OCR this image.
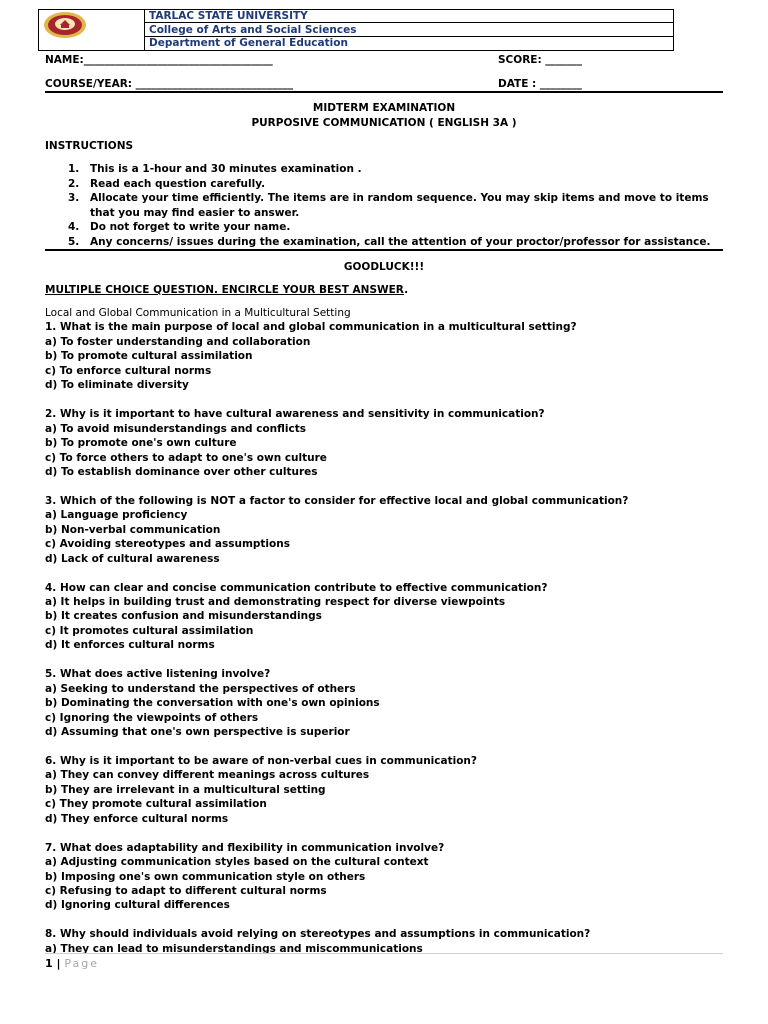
TARLAC STATE UNIVERSITY
College of Arts and Social Sciences
Department of General Education
NAME:____________________________________	SCORE: _______
COURSE/YEAR: ______________________________	DATE : ________
MIDTERM EXAMINATION
PURPOSIVE COMMUNICATION ( ENGLISH 3A )
INSTRUCTIONS
1. This is a 1-hour and 30 minutes examination .
2. Read each question carefully.
3. Allocate your time efficiently. The items are in random sequence. You may skip items and move to items that you may find easier to answer.
4. Do not forget to write your name.
5. Any concerns/ issues during the examination, call the attention of your proctor/professor for assistance.
GOODLUCK!!!
MULTIPLE CHOICE QUESTION. ENCIRCLE YOUR BEST ANSWER.
Local and Global Communication in a Multicultural Setting
1. What is the main purpose of local and global communication in a multicultural setting?
a) To foster understanding and collaboration
b) To promote cultural assimilation
c) To enforce cultural norms
d) To eliminate diversity
2. Why is it important to have cultural awareness and sensitivity in communication?
a) To avoid misunderstandings and conflicts
b) To promote one's own culture
c) To force others to adapt to one's own culture
d) To establish dominance over other cultures
3. Which of the following is NOT a factor to consider for effective local and global communication?
a) Language proficiency
b) Non-verbal communication
c) Avoiding stereotypes and assumptions
d) Lack of cultural awareness
4. How can clear and concise communication contribute to effective communication?
a) It helps in building trust and demonstrating respect for diverse viewpoints
b) It creates confusion and misunderstandings
c) It promotes cultural assimilation
d) It enforces cultural norms
5. What does active listening involve?
a) Seeking to understand the perspectives of others
b) Dominating the conversation with one's own opinions
c) Ignoring the viewpoints of others
d) Assuming that one's own perspective is superior
6. Why is it important to be aware of non-verbal cues in communication?
a) They can convey different meanings across cultures
b) They are irrelevant in a multicultural setting
c) They promote cultural assimilation
d) They enforce cultural norms
7. What does adaptability and flexibility in communication involve?
a) Adjusting communication styles based on the cultural context
b) Imposing one's own communication style on others
c) Refusing to adapt to different cultural norms
d) Ignoring cultural differences
8. Why should individuals avoid relying on stereotypes and assumptions in communication?
a) They can lead to misunderstandings and miscommunications
1 | Page
